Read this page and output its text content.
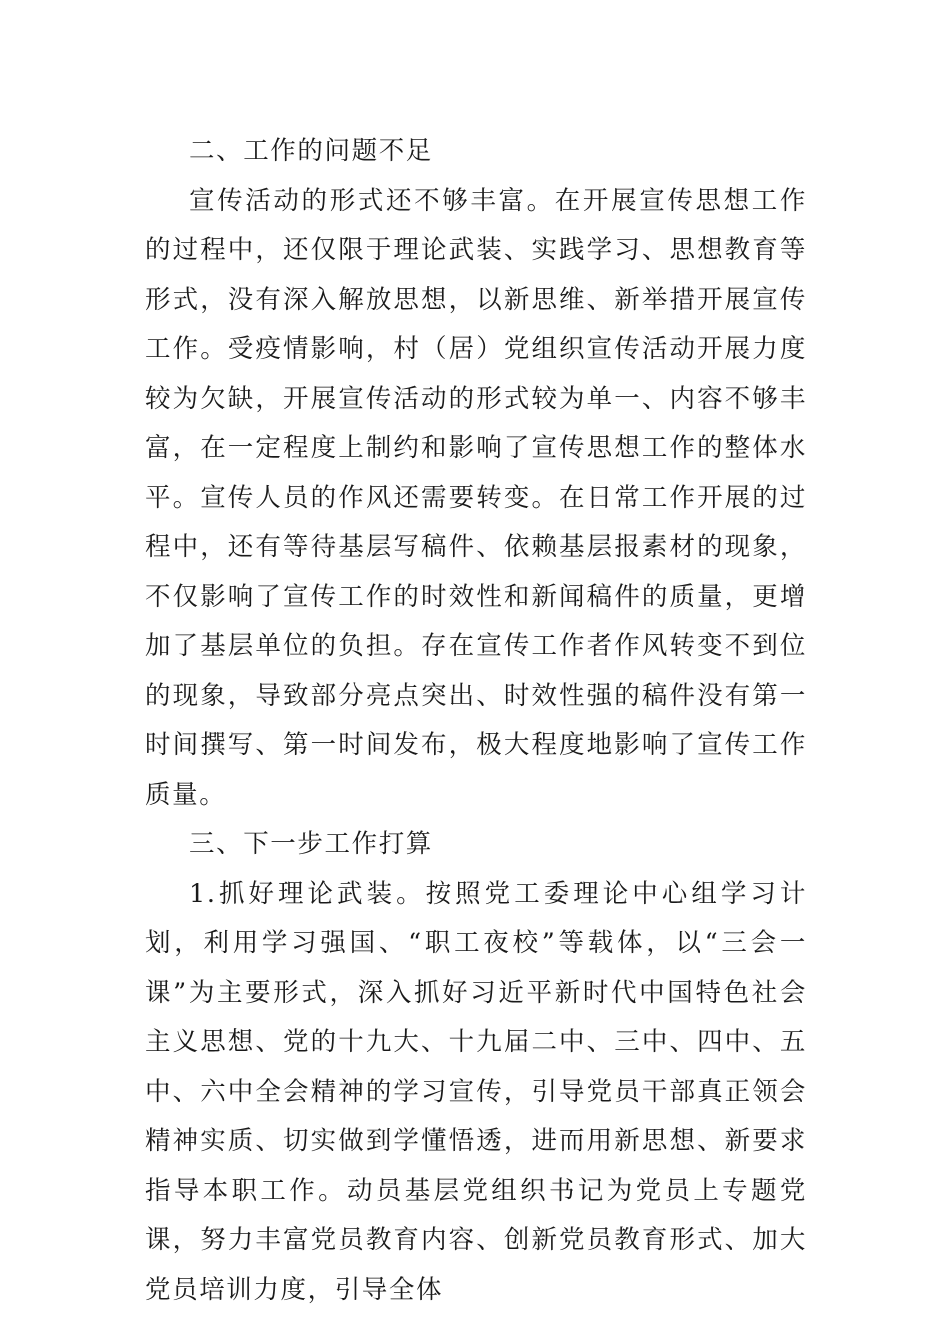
二、工作的问题不足

宣传活动的形式还不够丰富。在开展宣传思想工作的过程中，还仅限于理论武装、实践学习、思想教育等形式，没有深入解放思想，以新思维、新举措开展宣传工作。受疫情影响，村（居）党组织宣传活动开展力度较为欠缺，开展宣传活动的形式较为单一、内容不够丰富，在一定程度上制约和影响了宣传思想工作的整体水平。宣传人员的作风还需要转变。在日常工作开展的过程中，还有等待基层写稿件、依赖基层报素材的现象，不仅影响了宣传工作的时效性和新闻稿件的质量，更增加了基层单位的负担。存在宣传工作者作风转变不到位的现象，导致部分亮点突出、时效性强的稿件没有第一时间撰写、第一时间发布，极大程度地影响了宣传工作质量。

三、下一步工作打算

1.抓好理论武装。按照党工委理论中心组学习计划，利用学习强国、“职工夜校”等载体，以“三会一课”为主要形式，深入抓好习近平新时代中国特色社会主义思想、党的十九大、十九届二中、三中、四中、五中、六中全会精神的学习宣传，引导党员干部真正领会精神实质、切实做到学懂悟透，进而用新思想、新要求指导本职工作。动员基层党组织书记为党员上专题党课，努力丰富党员教育内容、创新党员教育形式、加大党员培训力度，引导全体
